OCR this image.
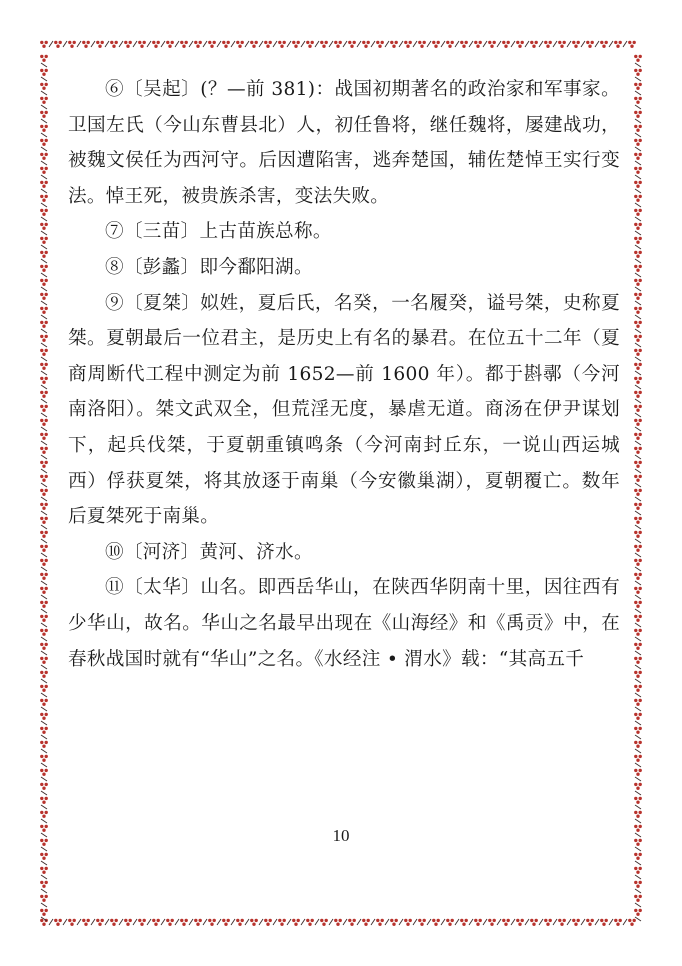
⑥〔吴起〕(？—前 381)：战国初期著名的政治家和军事家。卫国左氏（今山东曹县北）人，初任鲁将，继任魏将，屡建战功，被魏文侯任为西河守。后因遭陷害，逃奔楚国，辅佐楚悼王实行变法。悼王死，被贵族杀害，变法失败。

⑦〔三苗〕上古苗族总称。

⑧〔彭蠡〕即今鄱阳湖。

⑨〔夏桀〕姒姓，夏后氏，名癸，一名履癸，谥号桀，史称夏桀。夏朝最后一位君主，是历史上有名的暴君。在位五十二年（夏商周断代工程中测定为前 1652—前 1600 年）。都于斟鄩（今河南洛阳）。桀文武双全，但荒淫无度，暴虐无道。商汤在伊尹谋划下，起兵伐桀，于夏朝重镇鸣条（今河南封丘东，一说山西运城西）俘获夏桀，将其放逐于南巢（今安徽巢湖），夏朝覆亡。数年后夏桀死于南巢。

⑩〔河济〕黄河、济水。

⑪〔太华〕山名。即西岳华山，在陕西华阴南十里，因往西有少华山，故名。华山之名最早出现在《山海经》和《禹贡》中，在春秋战国时就有“华山”之名。《水经注 • 渭水》载：“其高五千

10
